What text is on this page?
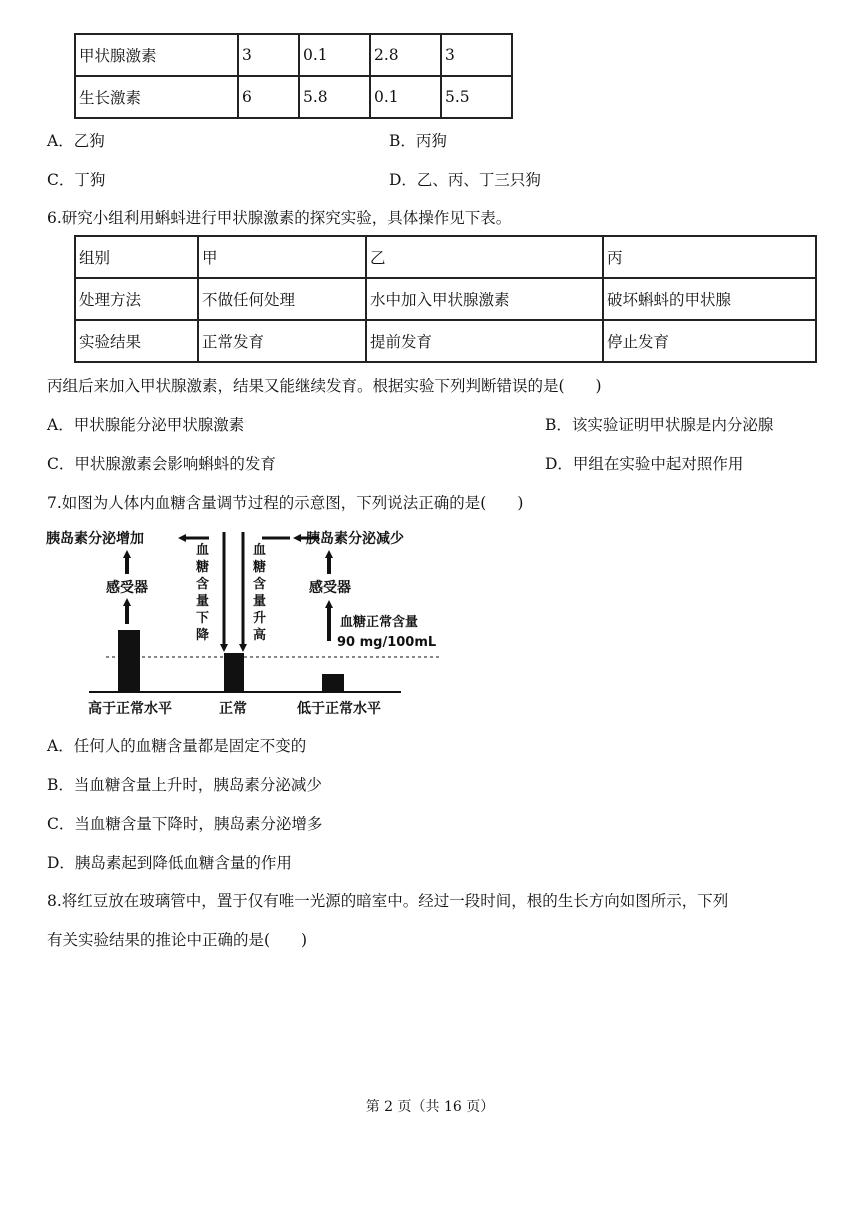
甲状腺激素	3	0.1	2.8	3
生长激素	6	5.8	0.1	5.5
A．乙狗	B．丙狗
C．丁狗	D．乙、丙、丁三只狗
6.研究小组利用蝌蚪进行甲状腺激素的探究实验，具体操作见下表。
组别	甲	乙	丙
处理方法	不做任何处理	水中加入甲状腺激素	破坏蝌蚪的甲状腺
实验结果	正常发育	提前发育	停止发育
丙组后来加入甲状腺激素，结果又能继续发育。根据实验下列判断错误的是(　　)
A．甲状腺能分泌甲状腺激素	B．该实验证明甲状腺是内分泌腺
C．甲状腺激素会影响蝌蚪的发育	D．甲组在实验中起对照作用
7.如图为人体内血糖含量调节过程的示意图，下列说法正确的是(　　)
胰岛素分泌增加	胰岛素分泌减少
感受器
血糖含量下降
血糖含量升高
感受器
血糖正常含量
90 mg/100mL
高于正常水平	正常	低于正常水平
A．任何人的血糖含量都是固定不变的
B．当血糖含量上升时，胰岛素分泌减少
C．当血糖含量下降时，胰岛素分泌增多
D．胰岛素起到降低血糖含量的作用
8.将红豆放在玻璃管中，置于仅有唯一光源的暗室中。经过一段时间，根的生长方向如图所示，下列
有关实验结果的推论中正确的是(　　)
第 2 页（共 16 页）
